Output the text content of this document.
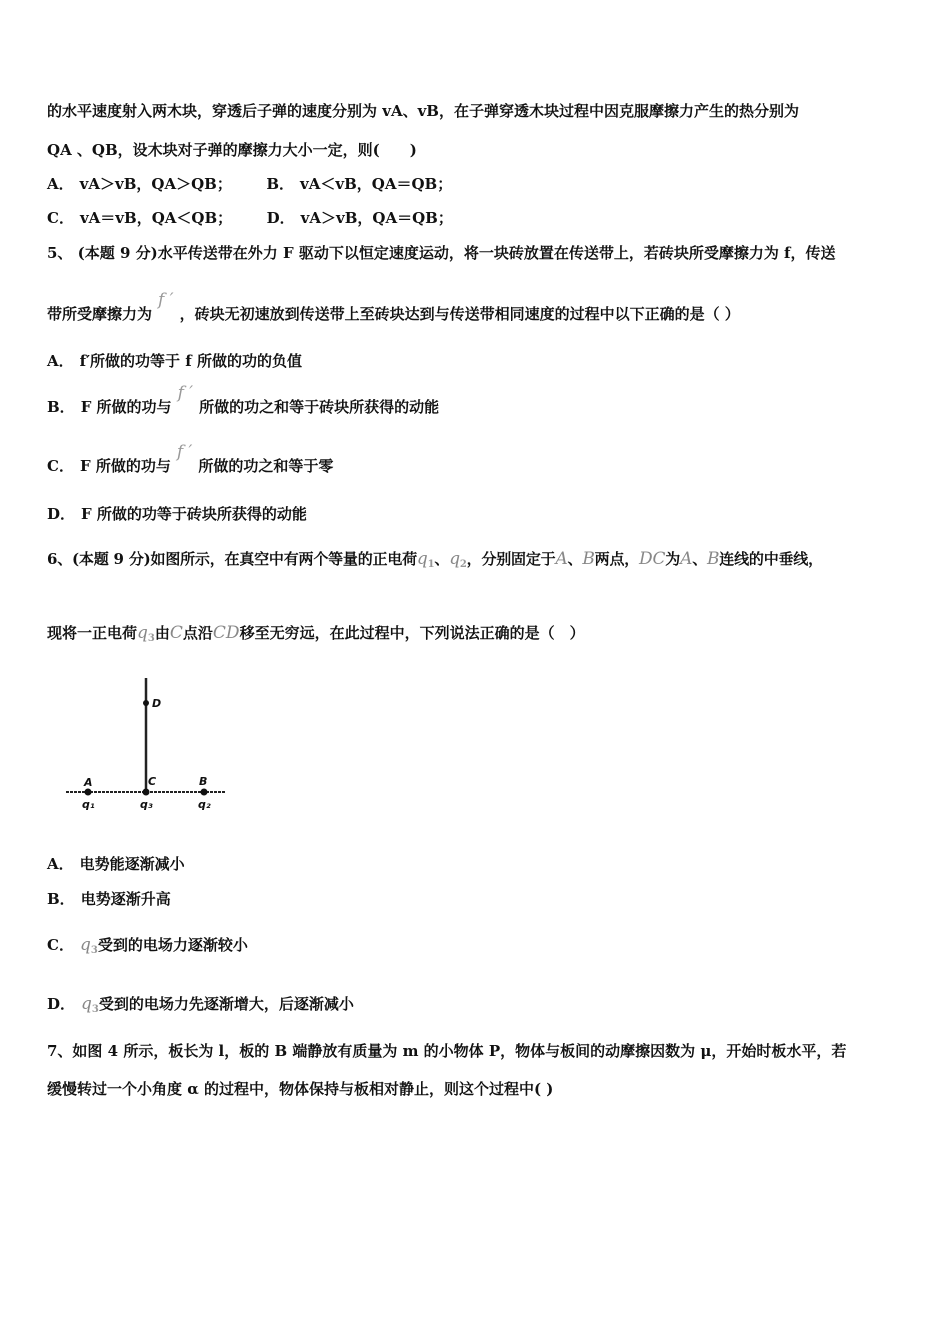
的水平速度射入两木块，穿透后子弹的速度分别为 vA、vB，在子弹穿透木块过程中因克服摩擦力产生的热分别为
QA 、QB，设木块对子弹的摩擦力大小一定，则(　　)
A． vA＞vB，QA＞QB； B． vA＜vB，QA＝QB；
C． vA＝vB，QA＜QB； D． vA＞vB，QA＝QB；
5、 (本题 9 分)水平传送带在外力 F 驱动下以恒定速度运动，将一块砖放置在传送带上，若砖块所受摩擦力为 f，传送
带所受摩擦力为f ′，砖块无初速放到传送带上至砖块达到与传送带相同速度的过程中以下正确的是（ ）
A． f′所做的功等于 f 所做的功的负值
B． F 所做的功与f ′所做的功之和等于砖块所获得的动能
C． F 所做的功与f ′所做的功之和等于零
D． F 所做的功等于砖块所获得的动能
6、(本题 9 分)如图所示，在真空中有两个等量的正电荷$q_1$、$q_2$，分别固定于A、B两点，DC为A、B连线的中垂线，
现将一正电荷$q_3$由C点沿CD移至无穷远，在此过程中，下列说法正确的是（　）
D
A	C	B
q₁	q₃	q₂
A． 电势能逐渐减小
B． 电势逐渐升高
C． $q_3$受到的电场力逐渐较小
D． $q_3$受到的电场力先逐渐增大，后逐渐减小
7、如图 4 所示，板长为 l，板的 B 端静放有质量为 m 的小物体 P，物体与板间的动摩擦因数为 μ，开始时板水平，若
缓慢转过一个小角度 α 的过程中，物体保持与板相对静止，则这个过程中( )
